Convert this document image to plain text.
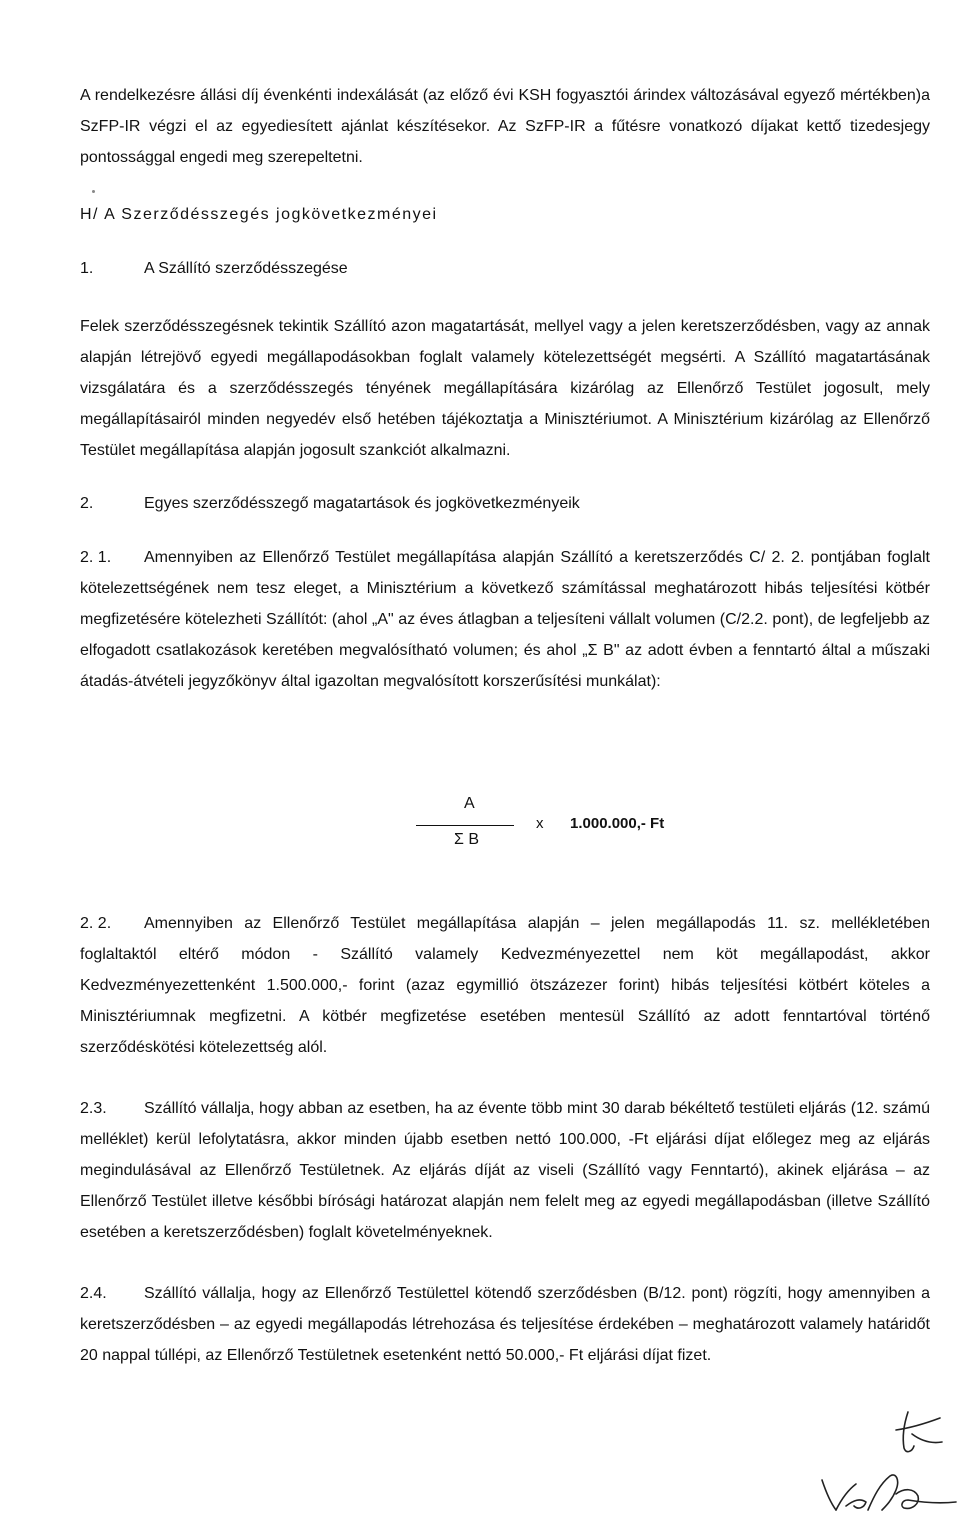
A rendelkezésre állási díj évenkénti indexálását (az előző évi KSH fogyasztói árindex változásával egyező mértékben)a SzFP-IR végzi el az egyediesített ajánlat készítésekor. Az SzFP-IR a fűtésre vonatkozó díjakat kettő tizedesjegy pontossággal engedi meg szerepeltetni.

H/ A Szerződésszegés jogkövetkezményei
1.	A Szállító szerződésszegése

Felek szerződésszegésnek tekintik Szállító azon magatartását, mellyel vagy a jelen keretszerződésben, vagy az annak alapján létrejövő egyedi megállapodásokban foglalt valamely kötelezettségét megsérti. A Szállító magatartásának vizsgálatára és a szerződésszegés tényének megállapítására kizárólag az Ellenőrző Testület jogosult, mely megállapításairól minden negyedév első hetében tájékoztatja a Minisztériumot. A Minisztérium kizárólag az Ellenőrző Testület megállapítása alapján jogosult szankciót alkalmazni.

2.	Egyes szerződésszegő magatartások és jogkövetkezményeik

2. 1. Amennyiben az Ellenőrző Testület megállapítása alapján Szállító a keretszerződés C/ 2. 2. pontjában foglalt kötelezettségének nem tesz eleget, a Minisztérium a következő számítással meghatározott hibás teljesítési kötbér megfizetésére kötelezheti Szállítót: (ahol „A" az éves átlagban a teljesíteni vállalt volumen (C/2.2. pont), de legfeljebb az elfogadott csatlakozások keretében megvalósítható volumen; és ahol „Σ B" az adott évben a fenntartó által a műszaki átadás-átvételi jegyzőkönyv által igazoltan megvalósított korszerűsítési munkálat):

A
Σ B
x 1.000.000,- Ft

2. 2. Amennyiben az Ellenőrző Testület megállapítása alapján – jelen megállapodás 11. sz. mellékletében foglaltaktól eltérő módon - Szállító valamely Kedvezményezettel nem köt megállapodást, akkor Kedvezményezettenként 1.500.000,- forint (azaz egymillió ötszázezer forint) hibás teljesítési kötbért köteles a Minisztériumnak megfizetni. A kötbér megfizetése esetében mentesül Szállító az adott fenntartóval történő szerződéskötési kötelezettség alól.

2.3. Szállító vállalja, hogy abban az esetben, ha az évente több mint 30 darab békéltető testületi eljárás (12. számú melléklet) kerül lefolytatásra, akkor minden újabb esetben nettó 100.000, -Ft eljárási díjat előlegez meg az eljárás megindulásával az Ellenőrző Testületnek. Az eljárás díját az viseli (Szállító vagy Fenntartó), akinek eljárása – az Ellenőrző Testület illetve későbbi bírósági határozat alapján nem felelt meg az egyedi megállapodásban (illetve Szállító esetében a keretszerződésben) foglalt követelményeknek.

2.4. Szállító vállalja, hogy az Ellenőrző Testülettel kötendő szerződésben (B/12. pont) rögzíti, hogy amennyiben a keretszerződésben – az egyedi megállapodás létrehozása és teljesítése érdekében – meghatározott valamely határidőt 20 nappal túllépi, az Ellenőrző Testületnek esetenként nettó 50.000,- Ft eljárási díjat fizet.
